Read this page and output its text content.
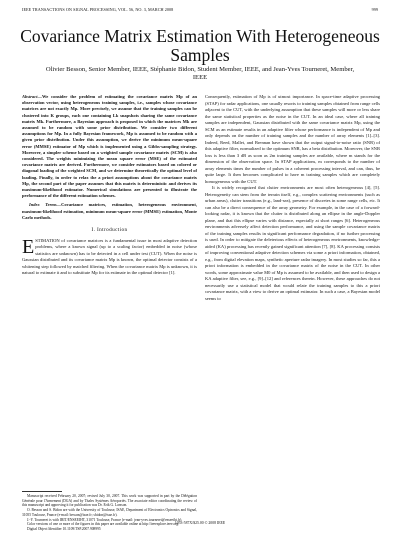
IEEE TRANSACTIONS ON SIGNAL PROCESSING, VOL. 56, NO. 3, MARCH 2008	999
Covariance Matrix Estimation With Heterogeneous Samples
Olivier Besson, Senior Member, IEEE, Stéphanie Bidon, Student Member, IEEE, and Jean-Yves Tourneret, Member, IEEE

Abstract—We consider the problem of estimating the covariance matrix Mp of an observation vector, using heterogeneous training samples, i.e., samples whose covariance matrices are not exactly Mp. More precisely, we assume that the training samples can be clustered into K groups, each one containing Lk snapshots sharing the same covariance matrix Mk. Furthermore, a Bayesian approach is proposed in which the matrices Mk are assumed to be random with some prior distribution. We consider two different assumptions for Mp. In a fully Bayesian framework, Mp is assumed to be random with a given prior distribution. Under this assumption, we derive the minimum mean-square error (MMSE) estimator of Mp which is implemented using a Gibbs-sampling strategy. Moreover, a simpler scheme based on a weighted sample covariance matrix (SCM) is also considered. The weights minimizing the mean square error (MSE) of the estimated covariance matrix are derived. Furthermore, we consider estimators based on colored or diagonal loading of the weighted SCM, and we determine theoretically the optimal level of loading. Finally, in order to relax the a priori assumptions about the covariance matrix Mp, the second part of the paper assumes that this matrix is deterministic and derives its maximum-likelihood estimator. Numerical simulations are presented to illustrate the performance of the different estimation schemes.

Index Terms—Covariance matrices, estimation, heterogeneous environment, maximum-likelihood estimation, minimum mean-square error (MMSE) estimation, Monte Carlo methods.

I. Introduction

ESTIMATION of covariance matrices is a fundamental issue in most adaptive detection problems, where a known signal (up to a scaling factor) embedded in noise (whose statistics are unknown) has to be detected in a cell under test (CUT). When the noise is Gaussian distributed and its covariance matrix Mp is known, the optimal detector consists of a whitening step followed by matched filtering. When the covariance matrix Mp is unknown, it is natural to estimate it and to substitute Mp for its estimate in the optimal detector [1].

Manuscript received February 20, 2007; revised July 30, 2007. This work was supported in part by the Délégation Générale pour l'Armement (DGA) and by Thales Systèmes Aéroportés. The associate editor coordinating the review of this manuscript and approving it for publication was Dr. Erik G. Larsson.

O. Besson and S. Bidon are with the University of Toulouse, ISAE, Department of Electronics Optronics and Signal, 31055 Toulouse, France (e-mail: besson@isae.fr; sbidon@isae.fr).

J.-Y. Tourneret is with IRIT/ENSEEIHT, 31071 Toulouse, France (e-mail: jean-yves.tourneret@enseeiht.fr).

Color versions of one or more of the figures in this paper are available online at http://ieeexplore.ieee.org.

Digital Object Identifier 10.1109/TSP.2007.908995

Consequently, estimation of Mp is of utmost importance. In space-time adaptive processing (STAP) for radar applications, one usually resorts to training samples obtained from range cells adjacent to the CUT, with the underlying assumption that these samples will more or less share the same statistical properties as the noise in the CUT. In an ideal case, where all training samples are independent, Gaussian distributed with the same covariance matrix Mp, using the SCM as an estimate results in an adaptive filter whose performance is independent of Mp and only depends on the number of training samples and the number of array elements [1]–[3]. Indeed, Reed, Mallet, and Brennan have shown that the output signal-to-noise ratio (SNR) of this adaptive filter, normalized to the optimum SNR, has a beta distribution. Moreover, the SNR loss is less than 3 dB as soon as 2m training samples are available, where m stands for the dimension of the observation space. In STAP applications, m corresponds to the number of array elements times the number of pulses in a coherent processing interval, and can, thus, be quite large. It then becomes complicated to have m training samples which are completely homogeneous with the CUT.

It is widely recognized that clutter environments are most often heterogeneous [4], [5]. Heterogeneity can stem from the terrain itself, e.g., complex scattering environments (such as urban areas), clutter transitions (e.g., land-sea), presence of discretes in some range cells, etc. It can also be a direct consequence of the array geometry. For example, in the case of a forward-looking radar, it is known that the clutter is distributed along an ellipse in the angle-Doppler plane, and that this ellipse varies with distance, especially at short ranges [6]. Heterogeneous environments adversely affect detection performance, and using the sample covariance matrix of the training samples results in significant performance degradation, if no further processing is used. In order to mitigate the deleterious effects of heterogeneous environments, knowledge-aided (KA) processing has recently gained significant attention [7], [8]. KA processing consists of improving conventional adaptive detection schemes via some a priori information, obtained, e.g., from digital elevation maps, synthetic aperture radar imagery. In most studies so far, this a priori information is embedded in the covariance matrix of the noise in the CUT. In other words, some approximate value M0 of Mp is assumed to be available, and then used to design a KA adaptive filter, see, e.g., [9]–[12] and references therein. However, these approaches do not necessarily use a statistical model that would relate the training samples to this a priori covariance matrix, with a view to derive an optimal estimator. In such a case, a Bayesian model seems to

1053-587X/$25.00 © 2008 IEEE
